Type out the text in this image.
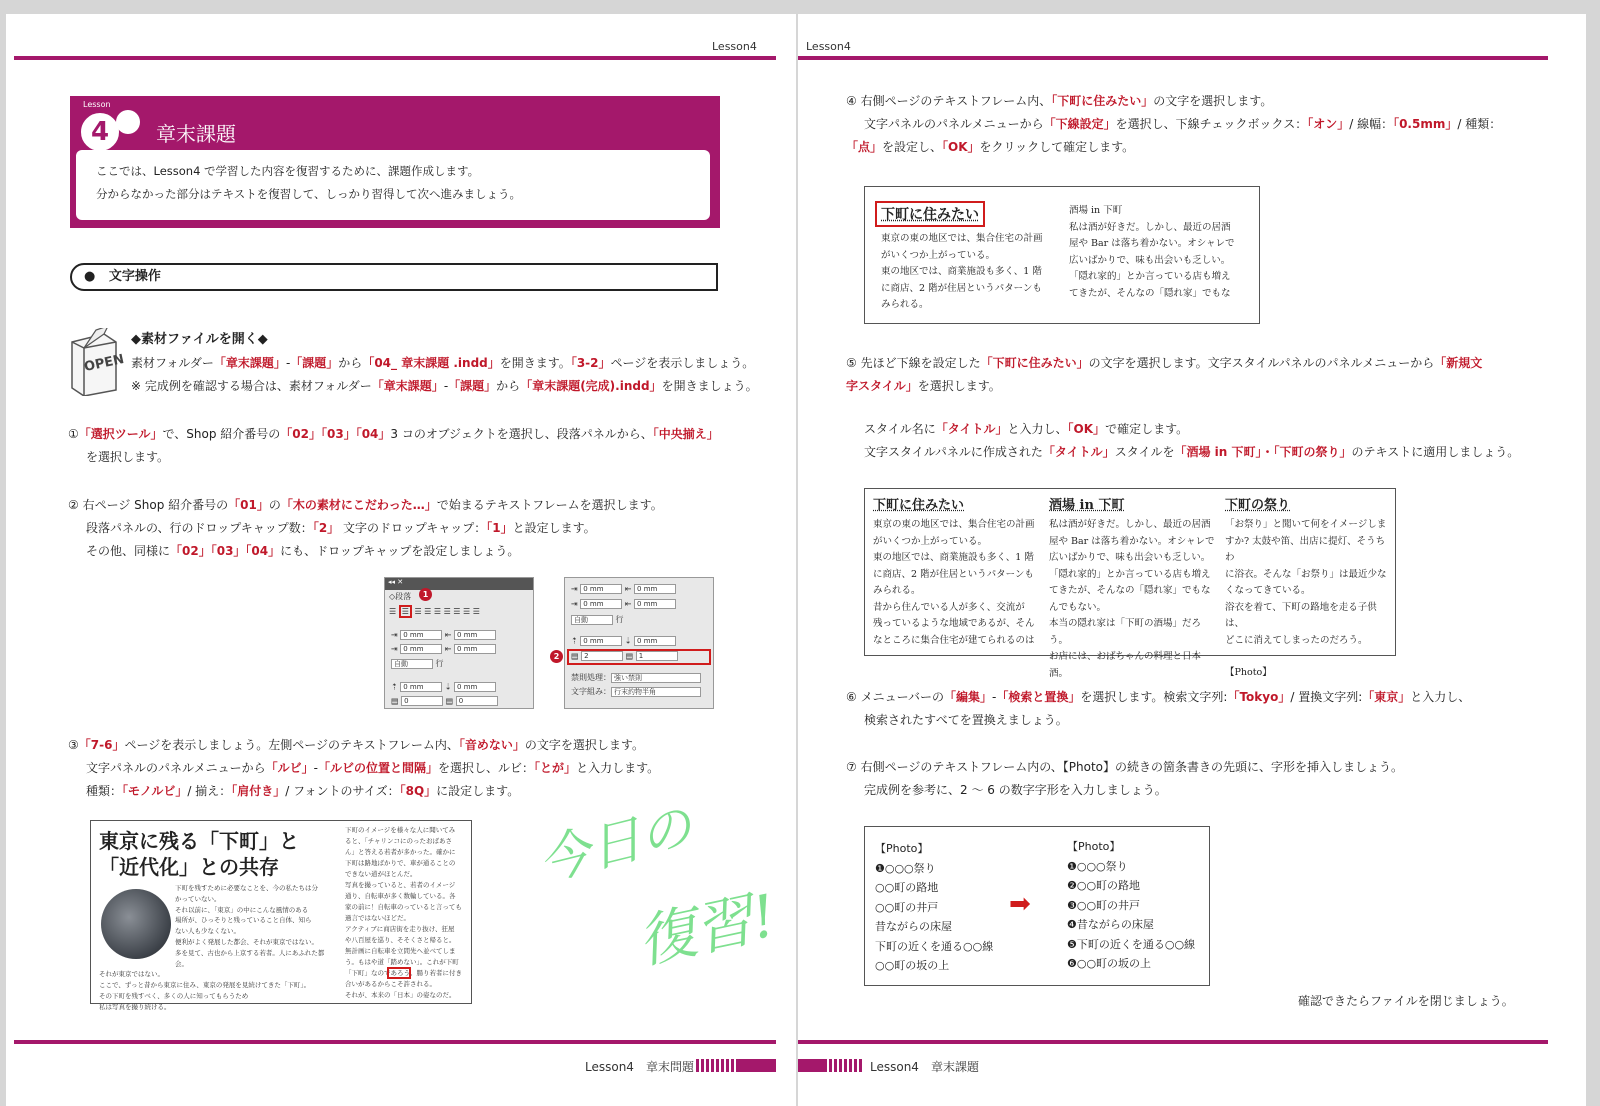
Lesson4
Lesson
4	章末課題

ここでは、Lesson4 で学習した内容を復習するために、課題作成します。

分からなかった部分はテキストを復習して、しっかり習得して次へ進みましょう。

● 文字操作
OPEN
◆素材ファイルを開く◆

素材フォルダー「章末課題」-「課題」から「04_ 章末課題 .indd」を開きます。「3-2」ページを表示しましょう。

※ 完成例を確認する場合は、素材フォルダー「章末課題」-「課題」から「章末課題(完成).indd」を開きましょう。

①「選択ツール」で、Shop 紹介番号の「02」「03」「04」3 コのオブジェクトを選択し、段落パネルから、「中央揃え」

を選択します。

② 右ページ Shop 紹介番号の「01」の「木の素材にこだわった…」で始まるテキストフレームを選択します。

段落パネルの、行のドロップキャップ数：「2」 文字のドロップキャップ：「1」と設定します。

その他、同様に「02」「03」「04」にも、ドロップキャップを設定しましょう。

◂◂ ✕
◇段落
☰ ☰ ☰ ☰ ☰ ☰ ☰ ☰ ☰
1
⇥ 0 mm	⇤ 0 mm
⇥ 0 mm	⇤ 0 mm
自動	行
⇡ 0 mm	⇣ 0 mm
▤ 0	▤ 0
⇥ 0 mm	⇤ 0 mm
⇥ 0 mm	⇤ 0 mm
自動	行
⇡ 0 mm	⇣ 0 mm
▤ 2	▤ 1
禁則処理： 強い禁則
文字組み： 行末約物半角
2

③「7-6」ページを表示しましょう。左側ページのテキストフレーム内、「音めない」の文字を選択します。

文字パネルのパネルメニューから「ルビ」-「ルビの位置と間隔」を選択し、ルビ：「とが」と入力します。

種類：「モノルビ」/ 揃え：「肩付き」/ フォントのサイズ：「8Q」に設定します。

東京に残る「下町」と
「近代化」との共存

下町を残すために必要なことを、今の私たちは分

かっていない。

それ以前に、「東京」の中にこんな風情のある

場所が、ひっそりと残っていること自体、知ら

ない人も少なくない。

便利がよく発展した都会、それが東京ではない。

多を見て、古也から上京する若者。人にあふれた都会。

それが東京ではない。

ここで、ずっと昔から東京に住み、東京の発展を見続けてきた「下町」。

その下町を残すべく、多くの人に知ってもらうため

私は写真を撮り続ける。

下町のイメージを様々な人に聞いてみ

ると、「チャリンコにのったおばあさ

ん」と答える若者が多かった。確かに

下町は路地ばかりで、車が通ることの

できない道がほとんだ。

写真を撮っていると、若者のイメージ

通り、自転車が多く数輪している。各

家の前に！自転車のっていると言っても

過言ではないほどだ。

アクティブに商店街を走り抜け、狂屋

や八百屋を巡り、そそくさと帰ると。

無計画に自転車を立間先へ並べてしま

う。もはや道「踏めない」。これが下町

「下町」なのであろう。腸り若者に付き

合いがあるからこそ許される。

それが、本来の「日本」の姿なのだ。

今日の
復習!
Lesson4　章末問題
Lesson4

④ 右側ページのテキストフレーム内、「下町に住みたい」の文字を選択します。

文字パネルのパネルメニューから「下線設定」を選択し、下線チェックボックス：「オン」/ 線幅：「0.5mm」/ 種類：

「点」を設定し、「OK」をクリックして確定します。

下町に住みたい

東京の東の地区では、集合住宅の計画

がいくつか上がっている。

東の地区では、商業施設も多く、1 階

に商店、2 階が住居というパターンも

みられる。

酒場 in 下町

私は酒が好きだ。しかし、最近の居酒

屋や Bar は落ち着かない。オシャレで

広いばかりで、味も出会いも乏しい。

「隠れ家的」とか言っている店も増え

てきたが、そんなの「隠れ家」でもな

⑤ 先ほど下線を設定した「下町に住みたい」の文字を選択します。文字スタイルパネルのパネルメニューから「新規文

字スタイル」を選択します。

スタイル名に「タイトル」と入力し、「OK」で確定します。

文字スタイルパネルに作成された「タイトル」スタイルを「酒場 in 下町」・「下町の祭り」のテキストに適用しましょう。

下町に住みたい

東京の東の地区では、集合住宅の計画

がいくつか上がっている。

東の地区では、商業施設も多く、1 階

に商店、2 階が住居というパターンも

みられる。

昔から住んでいる人が多く、交流が

残っているような地域であるが、そん

なところに集合住宅が建てられるのは

酒場 in 下町

私は酒が好きだ。しかし、最近の居酒

屋や Bar は落ち着かない。オシャレで

広いばかりで、味も出会いも乏しい。

「隠れ家的」とか言っている店も増え

てきたが、そんなの「隠れ家」でもな

んでもない。

本当の隠れ家は「下町の酒場」だろう。

お店には、おばちゃんの料理と日本酒。

下町の祭り

「お祭り」と聞いて何をイメージしま

すか? 太鼓や笛、出店に提灯、そうちわ

に浴衣。そんな「お祭り」は最近少な

くなってきている。

浴衣を着て、下町の路地を走る子供は、

どこに消えてしまったのだろう。

【Photo】

⑥ メニューバーの「編集」-「検索と置換」を選択します。検索文字列:「Tokyo」/ 置換文字列:「東京」と入力し、

検索されたすべてを置換えましょう。

⑦ 右側ページのテキストフレーム内の、【Photo】の続きの箇条書きの先頭に、字形を挿入しましょう。

完成例を参考に、2 ～ 6 の数字字形を入力しましょう。

【Photo】

❶○○○祭り

○○町の路地

○○町の井戸

昔ながらの床屋

下町の近くを通る○○線

○○町の坂の上

➡

【Photo】

❶○○○祭り

❷○○町の路地

❸○○町の井戸

❹昔ながらの床屋

❺下町の近くを通る○○線

❻○○町の坂の上

確認できたらファイルを閉じましょう。
Lesson4　章末課題
